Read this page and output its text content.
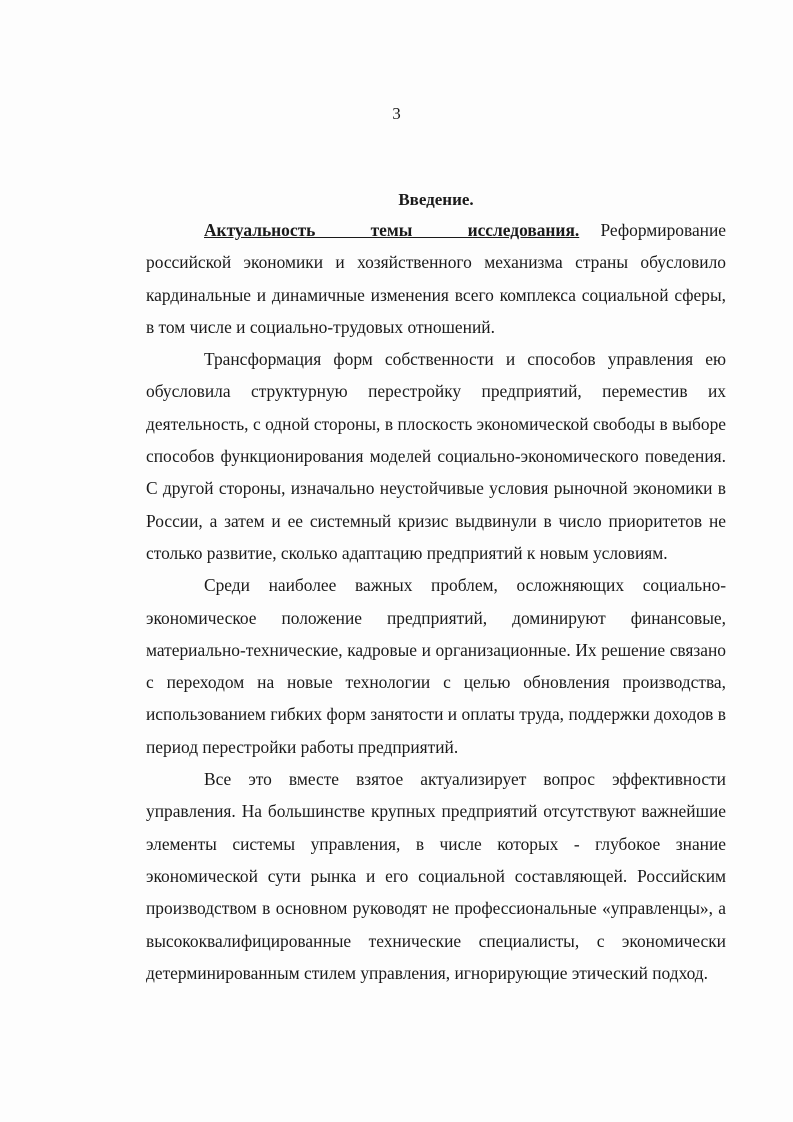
3
Введение.

Актуальность темы исследования. Реформирование российской экономики и хозяйственного механизма страны обусловило кардинальные и динамичные изменения всего комплекса социальной сферы, в том числе и социально-трудовых отношений.

Трансформация форм собственности и способов управления ею обусловила структурную перестройку предприятий, переместив их деятельность, с одной стороны, в плоскость экономической свободы в выборе способов функционирования моделей социально-экономического поведения. С другой стороны, изначально неустойчивые условия рыночной экономики в России, а затем и ее системный кризис выдвинули в число приоритетов не столько развитие, сколько адаптацию предприятий к новым условиям.

Среди наиболее важных проблем, осложняющих социально-экономическое положение предприятий, доминируют финансовые, материально-технические, кадровые и организационные. Их решение связано с переходом на новые технологии с целью обновления производства, использованием гибких форм занятости и оплаты труда, поддержки доходов в период перестройки работы предприятий.

Все это вместе взятое актуализирует вопрос эффективности управления. На большинстве крупных предприятий отсутствуют важнейшие элементы системы управления, в числе которых - глубокое знание экономической сути рынка и его социальной составляющей. Российским производством в основном руководят не профессиональные «управленцы», а высококвалифицированные технические специалисты, с экономически детерминированным стилем управления, игнорирующие этический подход.
